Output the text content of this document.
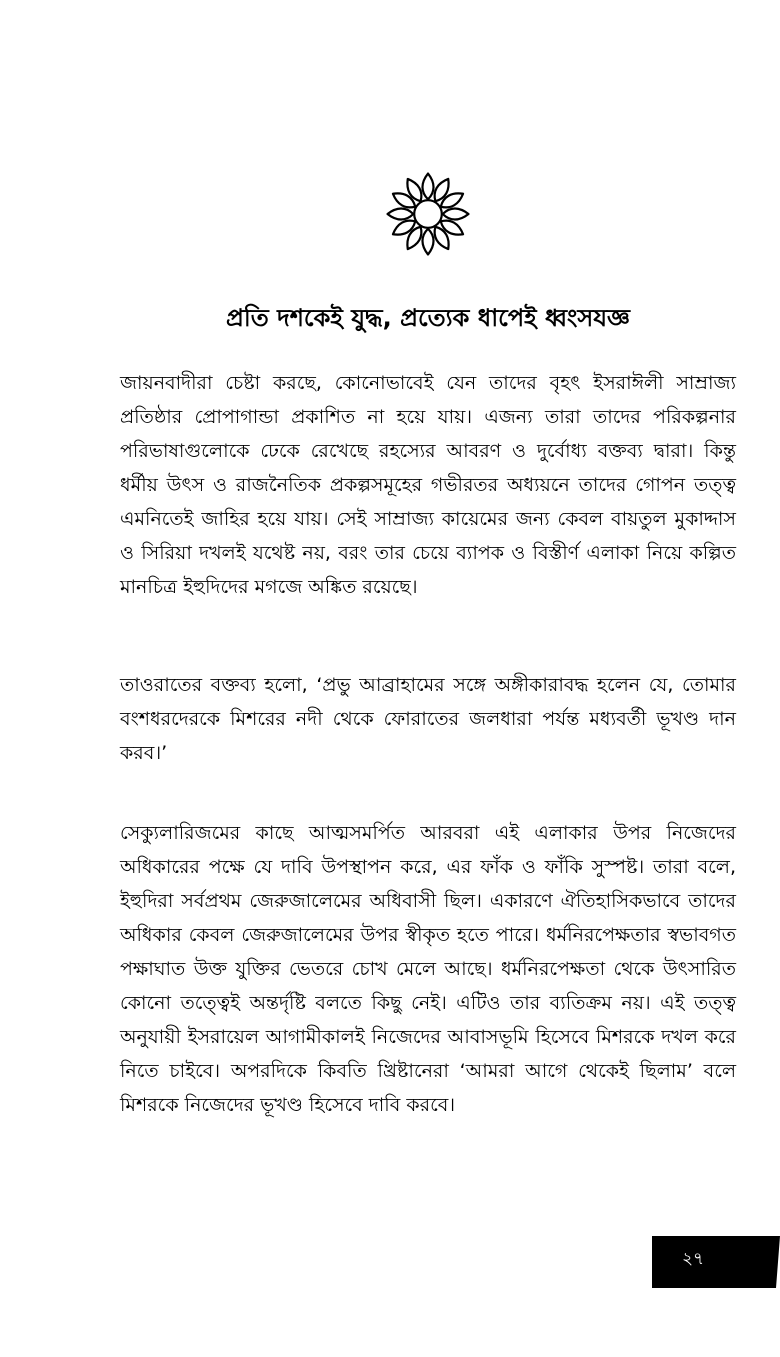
প্রতি দশকেই যুদ্ধ, প্রত্যেক ধাপেই ধ্বংসযজ্ঞ

জায়নবাদীরা চেষ্টা করছে, কোনোভাবেই যেন তাদের বৃহৎ ইসরাঈলী সাম্রাজ্য প্রতিষ্ঠার প্রোপাগান্ডা প্রকাশিত না হয়ে যায়। এজন্য তারা তাদের পরিকল্পনার পরিভাষাগুলোকে ঢেকে রেখেছে রহস্যের আবরণ ও দুর্বোধ্য বক্তব্য দ্বারা। কিন্তু ধর্মীয় উৎস ও রাজনৈতিক প্রকল্পসমূহের গভীরতর অধ্যয়নে তাদের গোপন তত্ত্ব এমনিতেই জাহির হয়ে যায়। সেই সাম্রাজ্য কায়েমের জন্য কেবল বায়তুল মুকাদ্দাস ও সিরিয়া দখলই যথেষ্ট নয়, বরং তার চেয়ে ব্যাপক ও বিস্তীর্ণ এলাকা নিয়ে কল্পিত মানচিত্র ইহুদিদের মগজে অঙ্কিত রয়েছে।

তাওরাতের বক্তব্য হলো, ‘প্রভু আব্রাহামের সঙ্গে অঙ্গীকারাবদ্ধ হলেন যে, তোমার বংশধরদেরকে মিশরের নদী থেকে ফোরাতের জলধারা পর্যন্ত মধ্যবর্তী ভূখণ্ড দান করব।’

সেক্যুলারিজমের কাছে আত্মসমর্পিত আরবরা এই এলাকার উপর নিজেদের অধিকারের পক্ষে যে দাবি উপস্থাপন করে, এর ফাঁক ও ফাঁকি সুস্পষ্ট। তারা বলে, ইহুদিরা সর্বপ্রথম জেরুজালেমের অধিবাসী ছিল। একারণে ঐতিহাসিকভাবে তাদের অধিকার কেবল জেরুজালেমের উপর স্বীকৃত হতে পারে। ধর্মনিরপেক্ষতার স্বভাবগত পক্ষাঘাত উক্ত যুক্তির ভেতরে চোখ মেলে আছে। ধর্মনিরপেক্ষতা থেকে উৎসারিত কোনো তত্ত্বেই অন্তর্দৃষ্টি বলতে কিছু নেই। এটিও তার ব্যতিক্রম নয়। এই তত্ত্ব অনুযায়ী ইসরায়েল আগামীকালই নিজেদের আবাসভূমি হিসেবে মিশরকে দখল করে নিতে চাইবে। অপরদিকে কিবতি খ্রিষ্টানেরা ‘আমরা আগে থেকেই ছিলাম’ বলে মিশরকে নিজেদের ভূখণ্ড হিসেবে দাবি করবে।

২৭
